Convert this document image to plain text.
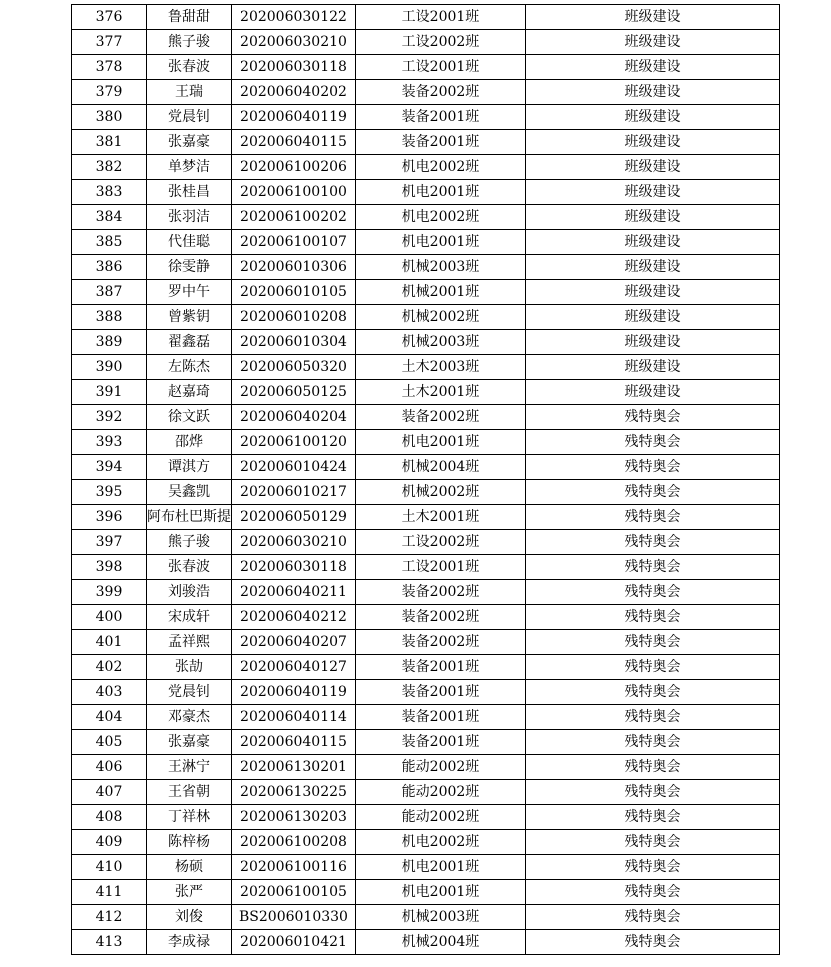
376	鲁甜甜	202006030122	工设2001班	班级建设
377	熊子骏	202006030210	工设2002班	班级建设
378	张春波	202006030118	工设2001班	班级建设
379	王瑞	202006040202	装备2002班	班级建设
380	党晨钊	202006040119	装备2001班	班级建设
381	张嘉豪	202006040115	装备2001班	班级建设
382	单梦洁	202006100206	机电2002班	班级建设
383	张桂昌	202006100100	机电2001班	班级建设
384	张羽洁	202006100202	机电2002班	班级建设
385	代佳聪	202006100107	机电2001班	班级建设
386	徐雯静	202006010306	机械2003班	班级建设
387	罗中午	202006010105	机械2001班	班级建设
388	曾紫钥	202006010208	机械2002班	班级建设
389	翟鑫磊	202006010304	机械2003班	班级建设
390	左陈杰	202006050320	土木2003班	班级建设
391	赵嘉琦	202006050125	土木2001班	班级建设
392	徐文跃	202006040204	装备2002班	残特奥会
393	邵烨	202006100120	机电2001班	残特奥会
394	谭淇方	202006010424	机械2004班	残特奥会
395	吴鑫凯	202006010217	机械2002班	残特奥会
396	阿布杜巴斯提	202006050129	土木2001班	残特奥会
397	熊子骏	202006030210	工设2002班	残特奥会
398	张春波	202006030118	工设2001班	残特奥会
399	刘骏浩	202006040211	装备2002班	残特奥会
400	宋成轩	202006040212	装备2002班	残特奥会
401	孟祥熙	202006040207	装备2002班	残特奥会
402	张劼	202006040127	装备2001班	残特奥会
403	党晨钊	202006040119	装备2001班	残特奥会
404	邓豪杰	202006040114	装备2001班	残特奥会
405	张嘉豪	202006040115	装备2001班	残特奥会
406	王淋宁	202006130201	能动2002班	残特奥会
407	王省朝	202006130225	能动2002班	残特奥会
408	丁祥林	202006130203	能动2002班	残特奥会
409	陈梓杨	202006100208	机电2002班	残特奥会
410	杨硕	202006100116	机电2001班	残特奥会
411	张严	202006100105	机电2001班	残特奥会
412	刘俊	BS2006010330	机械2003班	残特奥会
413	李成禄	202006010421	机械2004班	残特奥会
